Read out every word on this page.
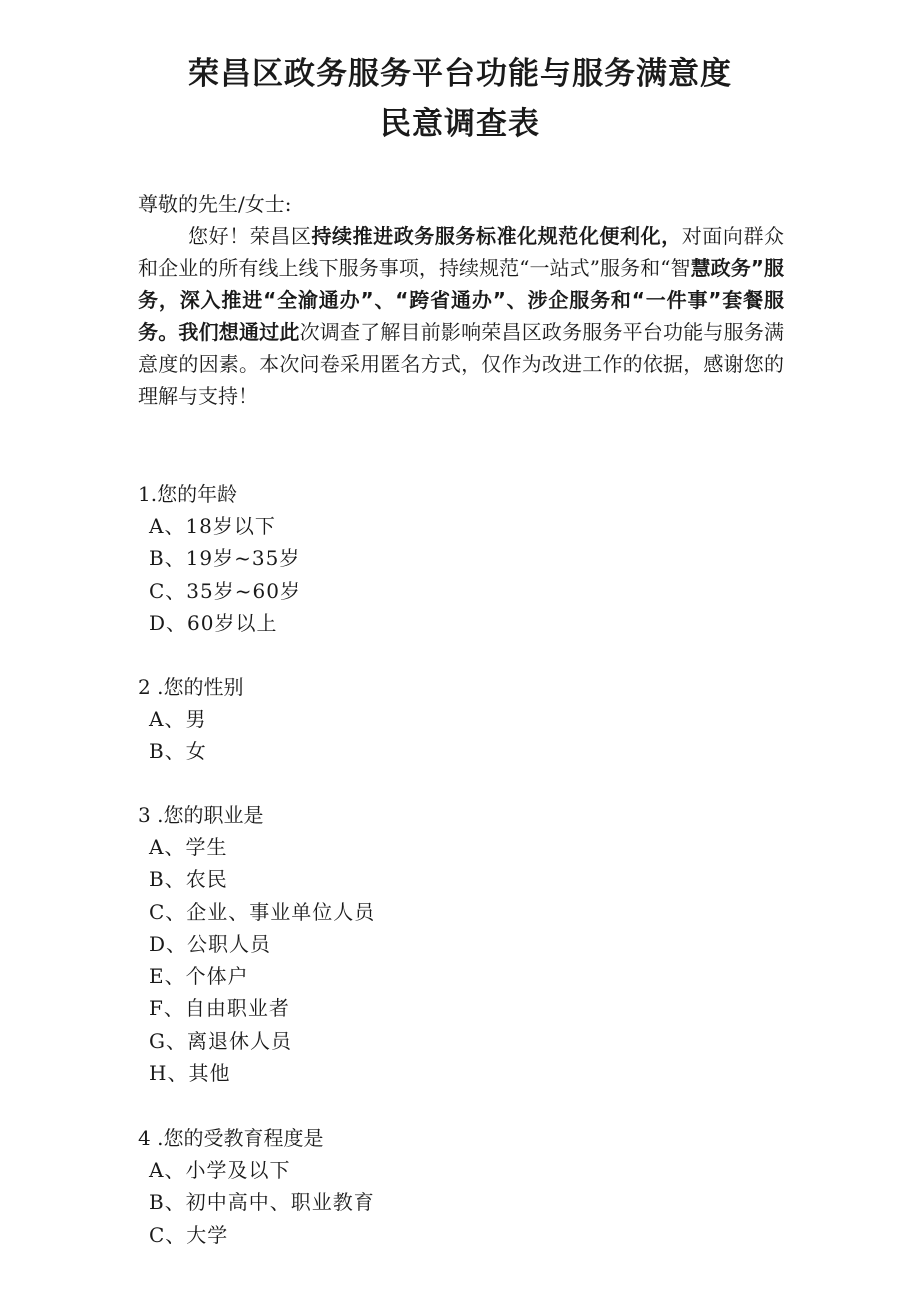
荣昌区政务服务平台功能与服务满意度
民意调查表

尊敬的先生/女士:

您好！荣昌区持续推进政务服务标准化规范化便利化，对面向群众和企业的所有线上线下服务事项，持续规范“一站式”服务和“智慧政务”服务，深入推进“全渝通办”、“跨省通办”、涉企服务和“一件事”套餐服务。我们想通过此次调查了解目前影响荣昌区政务服务平台功能与服务满意度的因素。本次问卷采用匿名方式，仅作为改进工作的依据，感谢您的理解与支持！

1.您的年龄

A、18岁以下
B、19岁~35岁
C、35岁~60岁
D、60岁以上

2 .您的性别

A、男
B、女

3 .您的职业是

A、学生
B、农民
C、企业、事业单位人员
D、公职人员
E、个体户
F、自由职业者
G、离退休人员
H、其他

4 .您的受教育程度是

A、小学及以下
B、初中高中、职业教育
C、大学
